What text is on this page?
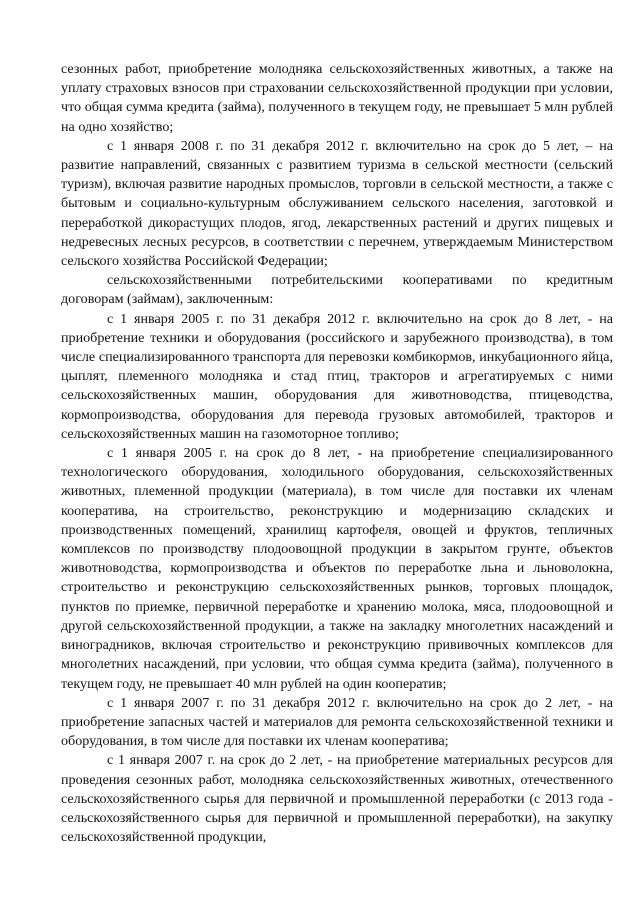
сезонных работ, приобретение молодняка сельскохозяйственных животных, а также на уплату страховых взносов при страховании сельскохозяйственной продукции при условии, что общая сумма кредита (займа), полученного в текущем году, не превышает 5 млн рублей на одно хозяйство;

с 1 января 2008 г. по 31 декабря 2012 г. включительно на срок до 5 лет, – на развитие направлений, связанных с развитием туризма в сельской местности (сельский туризм), включая развитие народных промыслов, торговли в сельской местности, а также с бытовым и социально-культурным обслуживанием сельского населения, заготовкой и переработкой дикорастущих плодов, ягод, лекарственных растений и других пищевых и недревесных лесных ресурсов, в соответствии с перечнем, утверждаемым Министерством сельского хозяйства Российской Федерации;

сельскохозяйственными потребительскими кооперативами по кредитным договорам (займам), заключенным:

с 1 января 2005 г. по 31 декабря 2012 г. включительно на срок до 8 лет, - на приобретение техники и оборудования (российского и зарубежного производства), в том числе специализированного транспорта для перевозки комбикормов, инкубационного яйца, цыплят, племенного молодняка и стад птиц, тракторов и агрегатируемых с ними сельскохозяйственных машин, оборудования для животноводства, птицеводства, кормопроизводства, оборудования для перевода грузовых автомобилей, тракторов и сельскохозяйственных машин на газомоторное топливо;

с 1 января 2005 г. на срок до 8 лет, - на приобретение специализированного технологического оборудования, холодильного оборудования, сельскохозяйственных животных, племенной продукции (материала), в том числе для поставки их членам кооператива, на строительство, реконструкцию и модернизацию складских и производственных помещений, хранилищ картофеля, овощей и фруктов, тепличных комплексов по производству плодоовощной продукции в закрытом грунте, объектов животноводства, кормопроизводства и объектов по переработке льна и льноволокна, строительство и реконструкцию сельскохозяйственных рынков, торговых площадок, пунктов по приемке, первичной переработке и хранению молока, мяса, плодоовощной и другой сельскохозяйственной продукции, а также на закладку многолетних насаждений и виноградников, включая строительство и реконструкцию прививочных комплексов для многолетних насаждений, при условии, что общая сумма кредита (займа), полученного в текущем году, не превышает 40 млн рублей на один кооператив;

с 1 января 2007 г. по 31 декабря 2012 г. включительно на срок до 2 лет, - на приобретение запасных частей и материалов для ремонта сельскохозяйственной техники и оборудования, в том числе для поставки их членам кооператива;

с 1 января 2007 г. на срок до 2 лет, - на приобретение материальных ресурсов для проведения сезонных работ, молодняка сельскохозяйственных животных, отечественного сельскохозяйственного сырья для первичной и промышленной переработки (с 2013 года - сельскохозяйственного сырья для первичной и промышленной переработки), на закупку сельскохозяйственной продукции,
